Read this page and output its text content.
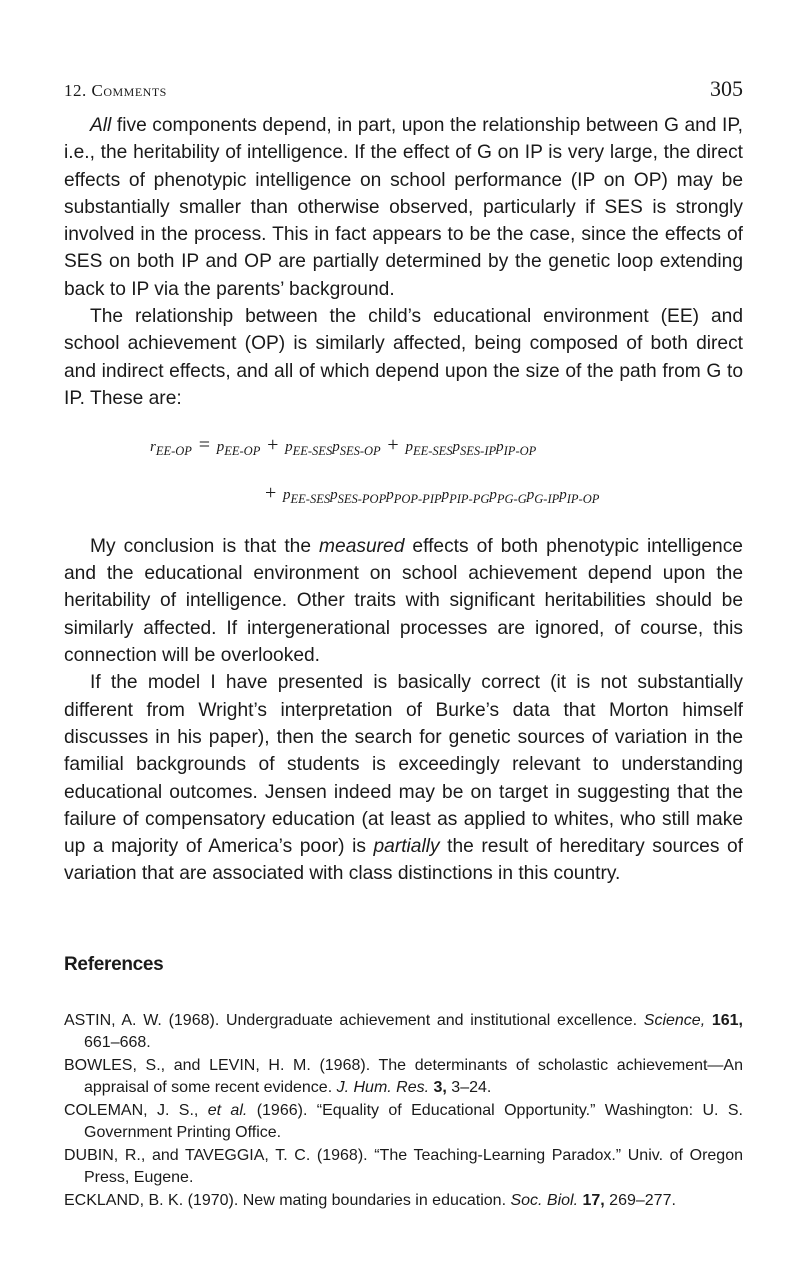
12. Comments	305

All five components depend, in part, upon the relationship between G and IP, i.e., the heritability of intelligence. If the effect of G on IP is very large, the direct effects of phenotypic intelligence on school performance (IP on OP) may be substantially smaller than otherwise observed, particularly if SES is strongly involved in the process. This in fact appears to be the case, since the effects of SES on both IP and OP are partially determined by the genetic loop extending back to IP via the parents’ background.

The relationship between the child’s educational environment (EE) and school achievement (OP) is similarly affected, being composed of both direct and indirect effects, and all of which depend upon the size of the path from G to IP. These are:

$r_{EE-OP} = p_{EE-OP} + p_{EE-SES}p_{SES-OP} + p_{EE-SES}p_{SES-IP}p_{IP-OP}$
+ $p_{EE-SES}p_{SES-POP}p_{POP-PIP}p_{PIP-PG}p_{PG-G}p_{G-IP}p_{IP-OP}$

My conclusion is that the measured effects of both phenotypic intelligence and the educational environment on school achievement depend upon the heritability of intelligence. Other traits with significant heritabilities should be similarly affected. If intergenerational processes are ignored, of course, this connection will be overlooked.

If the model I have presented is basically correct (it is not substantially different from Wright’s interpretation of Burke’s data that Morton himself discusses in his paper), then the search for genetic sources of variation in the familial backgrounds of students is exceedingly relevant to understanding educational outcomes. Jensen indeed may be on target in suggesting that the failure of compensatory education (at least as applied to whites, who still make up a majority of America’s poor) is partially the result of hereditary sources of variation that are associated with class distinctions in this country.

References

ASTIN, A. W. (1968). Undergraduate achievement and institutional excellence. Science, 161, 661–668.

BOWLES, S., and LEVIN, H. M. (1968). The determinants of scholastic achievement—An appraisal of some recent evidence. J. Hum. Res. 3, 3–24.

COLEMAN, J. S., et al. (1966). “Equality of Educational Opportunity.” Washington: U. S. Government Printing Office.

DUBIN, R., and TAVEGGIA, T. C. (1968). “The Teaching-Learning Paradox.” Univ. of Oregon Press, Eugene.

ECKLAND, B. K. (1970). New mating boundaries in education. Soc. Biol. 17, 269–277.
